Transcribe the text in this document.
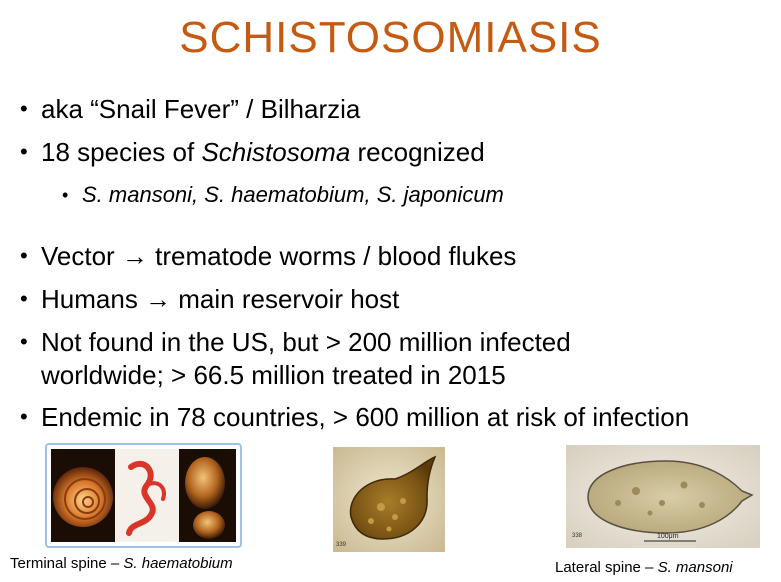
SCHISTOSOMIASIS
• aka “Snail Fever” / Bilharzia
• 18 species of Schistosoma recognized
• S. mansoni, S. haematobium, S. japonicum
• Vector → trematode worms / blood flukes
• Humans → main reservoir host
• Not found in the US, but > 200 million infected
worldwide; > 66.5 million treated in 2015
• Endemic in 78 countries, > 600 million at risk of infection
339
100μm
338
Terminal spine – S. haematobium	Lateral spine – S. mansoni
